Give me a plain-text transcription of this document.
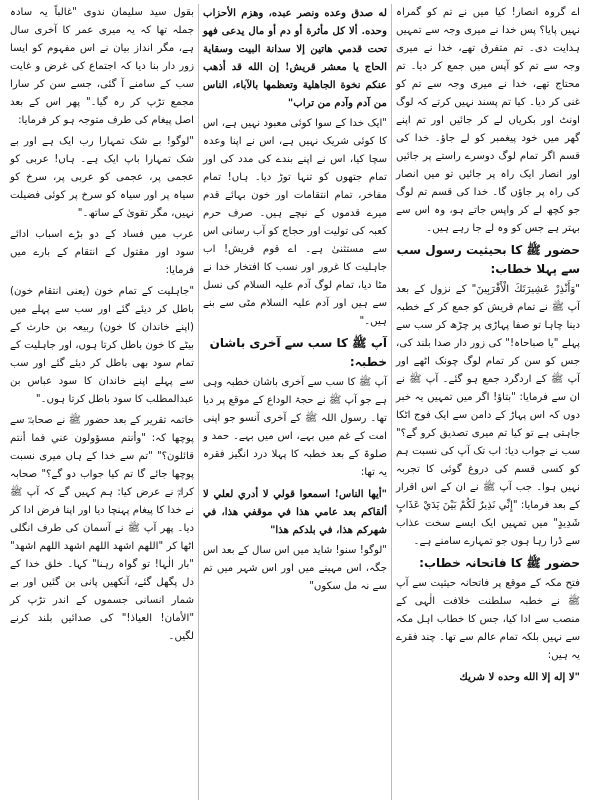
اے گروہ انصار! کیا میں نے تم کو گمراہ نہیں پایا؟ پس خدا نے میری وجہ سے تمہیں ہدایت دی۔ تم متفرق تھے، خدا نے میری وجہ سے تم کو آپس میں جمع کر دیا۔ تم محتاج تھے، خدا نے میری وجہ سے تم کو غنی کر دیا۔ کیا تم پسند نہیں کرتے کہ لوگ اونٹ اور بکریاں لے کر جائیں اور تم اپنے گھر میں خود پیغمبر کو لے جاؤ۔ خدا کی قسم اگر تمام لوگ دوسرے راستے پر جائیں اور انصار ایک راہ پر جائیں تو میں انصار کی راہ پر جاؤں گا۔ خدا کی قسم تم لوگ جو کچھ لے کر واپس جاتے ہو، وہ اس سے بہتر ہے جس کو وہ لے جا رہے ہیں۔

حضور ﷺ کا بحیثیت رسول سب سے پہلا خطاب:

"وَأَنْذِرْ عَشِيرَتَكَ الْأَقْرَبِينَ" کے نزول کے بعد آپ ﷺ نے تمام قریش کو جمع کر کے خطبہ دینا چاہا تو صفا پہاڑی پر چڑھ کر سب سے پہلے "یا صباحاہ!" کی زور دار صدا بلند کی، جس کو سن کر تمام لوگ چونک اٹھے اور آپ ﷺ کے اردگرد جمع ہو گئے۔ آپ ﷺ نے ان سے فرمایا: "بتاؤ! اگر میں تمہیں یہ خبر دوں کہ اس پہاڑ کے دامن سے ایک فوج اٹکا جاہتی ہے تو کیا تم میری تصدیق کرو گے؟" سب نے جواب دیا: اب تک آپ کی نسبت ہم کو کسی قسم کی دروغ گوئی کا تجربہ نہیں ہوا۔ جب آپ ﷺ نے ان کے اس اقرار کے بعد فرمایا: "إِنِّي نَذِيرٌ لَكُمْ بَيْنَ يَدَيْ عَذَابٍ شَدِيدٍ" میں تمہیں ایک ایسے سخت عذاب سے ڈرا رہا ہوں جو تمہارے سامنے ہے۔

حضور ﷺ کا فاتحانہ خطاب:

فتح مکہ کے موقع پر فاتحانہ حیثیت سے آپ ﷺ نے خطبہ سلطنت خلافت الٰہی کے منصب سے ادا کیا، جس کا خطاب اہل مکہ سے نہیں بلکہ تمام عالم سے تھا۔ چند فقرے یہ ہیں:

"لا إله إلا الله وحده لا شريك

له صدق وعده ونصر عبده، وهزم الأحزاب وحده. ألا كل مأثرة أو دم أو مال يدعى فهو تحت قدمي هاتين إلا سدانة البيت وسقاية الحاج يا معشر قريش! إن الله قد أذهب عنكم نخوة الجاهلية وتعظمها بالآباء، الناس من آدم وآدم من تراب"

"ایک خدا کے سوا کوئی معبود نہیں ہے، اس کا کوئی شریک نہیں ہے، اس نے اپنا وعدہ سچا کیا، اس نے اپنے بندے کی مدد کی اور تمام جتھوں کو تنہا توڑ دیا۔ ہاں! تمام مفاخر، تمام انتقامات اور خون بہائے قدم میرے قدموں کے نیچے ہیں۔ صرف حرم کعبہ کی تولیت اور حجاج کو آب رسانی اس سے مستثنیٰ ہے۔ اے قوم قریش! اب جاہلیت کا غرور اور نسب کا افتخار خدا نے مٹا دیا، تمام لوگ آدم علیہ السلام کی نسل سے ہیں اور آدم علیہ السلام مٹی سے بنے ہیں۔"

آپ ﷺ کا سب سے آخری باشان خطبہ:

آپ ﷺ کا سب سے آخری باشان خطبہ وہی ہے جو آپ ﷺ نے حجۃ الوداع کے موقع پر دیا تھا۔ رسول اللہ ﷺ کے آخری آنسو جو اپنی امت کے غم میں بہے، اس میں بہے۔ حمد و صلوۃ کے بعد خطبہ کا پہلا درد انگیز فقرہ یہ تھا:

"أيها الناس! اسمعوا قولي لا أدري لعلي لا ألقاكم بعد عامي هذا في موقفي هذا، في شهركم هذا، في بلدكم هذا"

"لوگو! سنو! شاید میں اس سال کے بعد اس جگہ، اس مہینے میں اور اس شہر میں تم سے نہ مل سکوں"

بقول سید سلیمان ندوی "غالباً یہ سادہ جملہ تھا کہ یہ میری عمر کا آخری سال ہے، مگر انداز بیان نے اس مفہوم کو ایسا زور دار بنا دیا کہ اجتماع کی غرض و غایت سب کے سامنے آ گئی، جسے سن کر سارا مجمع تڑپ کر رہ گیا۔" پھر اس کے بعد اصل پیغام کی طرف متوجہ ہو کر فرمایا:

"لوگو! بے شک تمہارا رب ایک ہے اور بے شک تمہارا باپ ایک ہے۔ ہاں! عربی کو عجمی پر، عجمی کو عربی پر، سرخ کو سیاہ پر اور سیاہ کو سرخ پر کوئی فضیلت نہیں، مگر تقویٰ کے ساتھ۔"

عرب میں فساد کے دو بڑے اسباب ادائے سود اور مقتول کے انتقام کے بارے میں فرمایا:

"جاہلیت کے تمام خون (یعنی انتقام خون) باطل کر دیئے گئے اور سب سے پہلے میں (اپنے خاندان کا خون) ربیعہ بن حارث کے بیٹے کا خون باطل کرتا ہوں، اور جاہلیت کے تمام سود بھی باطل کر دیئے گئے اور سب سے پہلے اپنے خاندان کا سود عباس بن عبدالمطلب کا سود باطل کرتا ہوں۔"

خاتمہ تقریر کے بعد حضور ﷺ نے صحابہؓ سے پوچھا کہ: "وأنتم مسؤولون عني فما أنتم قائلون؟" "تم سے خدا کے ہاں میری نسبت پوچھا جائے گا تم کیا جواب دو گے؟" صحابہ کرامؓ نے عرض کیا: ہم کہیں گے کہ آپ ﷺ نے خدا کا پیغام پہنچا دیا اور اپنا فرض ادا کر دیا۔ پھر آپ ﷺ نے آسمان کی طرف انگلی اٹھا کر "اللهم اشهد اللهم اشهد اللهم اشهد" "بار الٰہا! تو گواہ رہنا" کہا۔ خلق خدا کے دل پگھل گئے، آنکھیں پانی بن گئیں اور بے شمار انسانی جسموں کے اندر تڑپ کر "الأمان! العیاذ!" کی صدائیں بلند کرنے لگیں۔
